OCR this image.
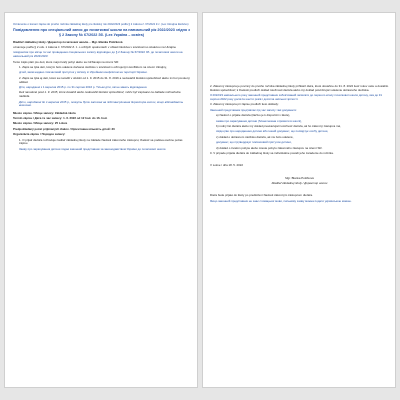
Oznámenie o konaní zápisu do prvého ročníka základnej školy pre školský rok 2022/2023 podľa § 2 zákona č. 67/2022 Z.z. (Lex Ukrajina školstvo)

Повідомлення про спеціальний запис до початкової школи на навчальний рік 2022/2023 згідно з § 2 Закону № 67/2022 Зб. (Lex Україна – освіта)

Riaditeľ základnej školy / Директор початкової школи… Mgr. Blanka Potičková

oznamuje podľa § 2 ods. 1 zákona č. 67/2022 Z. z. o určitých opatreniach v oblasti školstva v súvislosti so situáciou na Ukrajine

повідомляє про місце та час проведення спеціального запису відповідно до § 2 Закону № 67/2022 Зб. до початкової школи на навчальний рік 2022/2023:

Tento zápis platí pre deti, ktoré majú trvalý pobyt alebo sa zdržiavajú na území SR:

1. Zápis sa týka detí, ktorým bolo udelené dočasné útočisko v súvislosti s ozbrojeným konfliktom na území Ukrajiny,

дітей, яким надано тимчасовий притулок у зв'язку зі збройним конфліктом на території України.

2. Zápis sa týka aj detí, ktoré sa narodili v období od 1. 9. 2015 do 31. 8. 2016 a nedosiahli školskú spôsobilosť alebo im bol povolený odklad.

Діти, народжені з 1 вересня 2015 р. по 31 серпня 2016 р. Тільки діти, які не мають відкладення.

Deti narodené pred 1. 9. 2015, ktoré dosiahli alebo nedosiahli školskú spôsobilosť, môžu byť zapísané na základe rozhodnutia riaditeľa.

Діти, народжені до 1 вересня 2015 р., можуть бути записані на підставі рішення директора школи, якщо відповідають вимогам.

Miesto zápisu / Місце запису: Základná škola

Termín zápisu / Дата та час запису: 1. 6. 2022 od 12 hod. do 16. hod.

Miesto zápisu / Місце запису: 25 Lokve

Predpokladaný počet prijímaných žiakov / Орієнтовна кількість дітей: 30

Organizácia zápisu / Порядок запису:

1. O prijatí dieťaťa rozhoduje riaditeľ základnej školy na základe žiadosti zákonného zástupcu; žiadosť sa podáva osobne počas zápisu.

Заяву про зарахування дитини подає законний представник за законодавством України до початкової школи.

2. Zákonný zástupca je povinný do prvého ročníka základnej školy prihlásiť dieťa, ktoré dosiahne do 31. 8. 2022 šesť rokov veku a dosiahlo školskú spôsobilosť; k žiadosti predloží doklad totožnosti dieťaťa alebo iný doklad potvrdzujúci udelenie dočasného útočiska.

З 2022/23 навчального року законний представник зобов'язаний записати до першого класу початкової школи дитину, яка до 31 серпня 2022 року досягла шести років і досягла шкільної зрілості.

3. Zákonný zástupca pri zápise predloží tieto doklady:

Законний представник пред'являє під час запису такі документи:

a) žiadosť o prijatie dieťaťa (tlačivo je k dispozícii v škole),

заява про зарахування дитини (бланк можна отримати в школі),

b) rodný list dieťaťa alebo iný doklad preukazujúci totožnosť dieťaťa, ak ho zákonný zástupca má,

свідоцтво про народження дитини або інший документ, що посвідчує особу дитини,

c) doklad o dočasnom útočisku dieťaťa, ak mu bolo udelené,

документ, що підтверджує тимчасовий притулок дитини,

d) doklad o trvalom pobyte alebo mieste pobytu zákonného zástupcu na území SR.

0. V prípade prijatia dieťaťa do základnej školy sa individuálne posúdi jeho zaradenie do ročníka.

V Lokve / dňa 18. 5. 2022

Mgr. Blanka Potičková

Riaditeľ základnej školy / Директор школи

Dieťa bude prijaté do školy po predložení žiadosti zákonným zástupcom dieťaťa.

Якщо законний представник не знає словацької мови, письмову заяву можна подати українською мовою.
